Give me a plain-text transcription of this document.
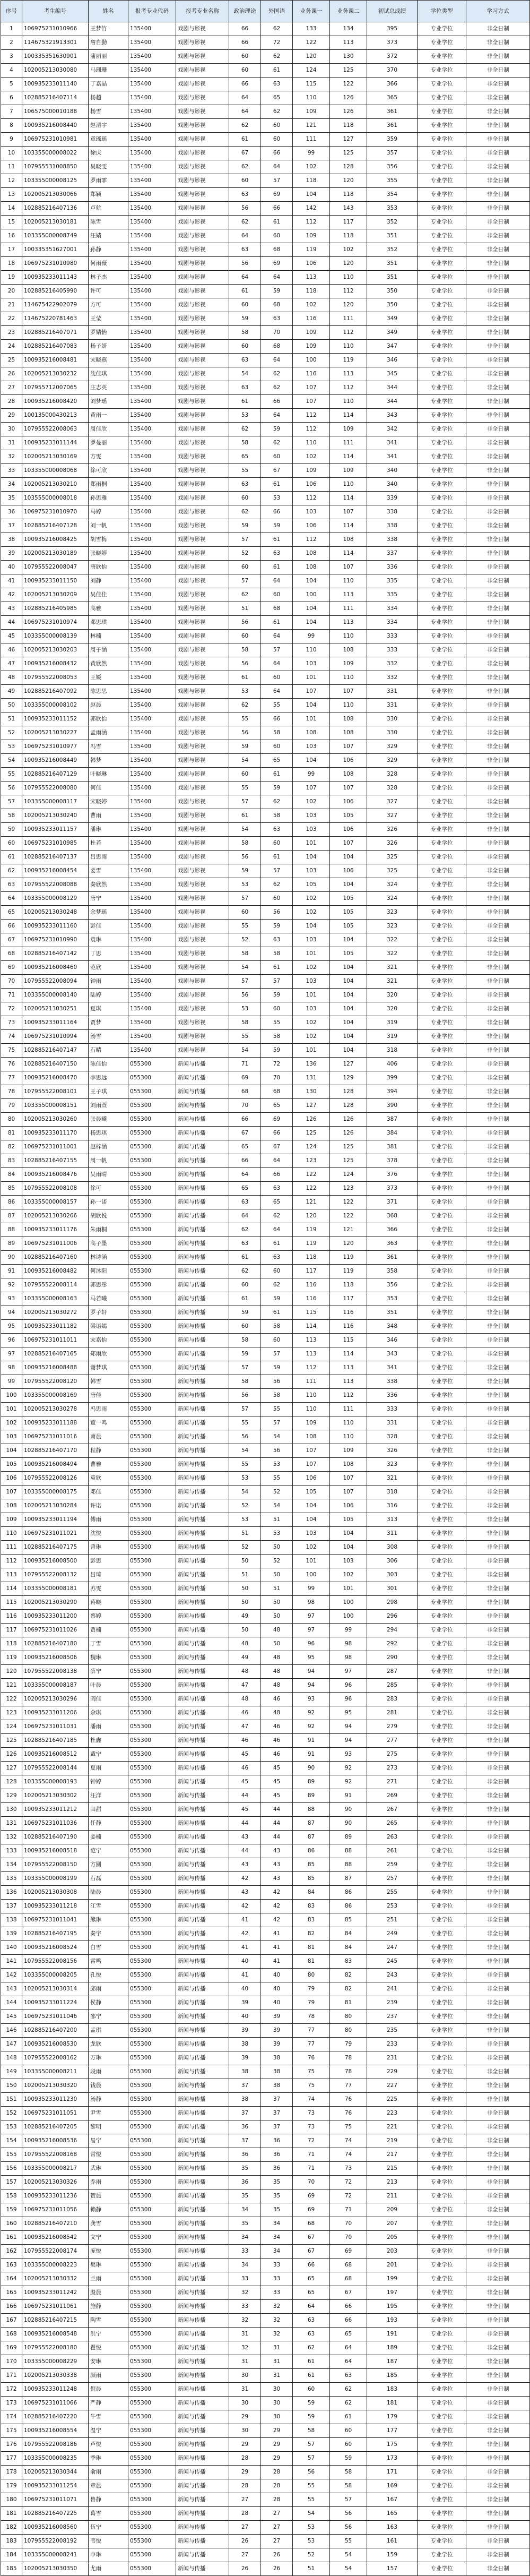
序号	考生编号	姓名	报考专业代码	报考专业名称	政治理论	外国语	业务课一	业务课二	初试总成绩	学位类型	学习方式
1	106975231010966	王梦竹	135400	戏剧与影视	66	62	133	134	395	专业学位	非全日制
2	114675321913301	詹自勤	135400	戏剧与影视	66	72	122	113	373	专业学位	非全日制
3	100335351630901	蒲丽丽	135400	戏剧与影视	60	62	120	130	372	专业学位	非全日制
4	102005213030080	马珊珊	135400	戏剧与影视	60	61	124	125	370	专业学位	非全日制
5	100935233011140	丁嘉晶	135400	戏剧与影视	66	63	115	122	366	专业学位	非全日制
6	102885216407114	杨超	135400	戏剧与影视	64	65	110	126	365	专业学位	非全日制
7	106575000010188	杨雪	135400	戏剧与影视	64	62	109	126	361	专业学位	非全日制
8	100935216008440	赵清宇	135400	戏剧与影视	62	60	121	118	361	专业学位	非全日制
9	106975231010981	章瑶瑶	135400	戏剧与影视	61	60	111	127	359	专业学位	非全日制
10	103355000008022	徐庆	135400	戏剧与影视	67	66	99	125	357	专业学位	非全日制
11	107955531008850	吴晓雯	135400	戏剧与影视	62	64	102	128	356	专业学位	非全日制
12	103355000008125	罗雨霏	135400	戏剧与影视	60	57	118	120	355	专业学位	非全日制
13	102005213030066	郑颖	135400	戏剧与影视	63	69	104	118	354	专业学位	非全日制
14	102885216407136	卢航	135400	戏剧与影视	56	66	142	143	353	专业学位	非全日制
15	102005213030181	陈雪	135400	戏剧与影视	62	61	112	117	352	专业学位	非全日制
16	103355000008749	汪婧	135400	戏剧与影视	64	60	109	118	351	专业学位	非全日制
17	100335351627001	孙静	135400	戏剧与影视	63	68	119	102	352	专业学位	非全日制
18	106975231010980	何雨薇	135400	戏剧与影视	56	69	106	120	351	专业学位	非全日制
19	100935233011143	林子杰	135400	戏剧与影视	64	64	113	110	351	专业学位	非全日制
20	102885216405990	许可	135400	戏剧与影视	61	59	118	112	350	专业学位	非全日制
21	114675422902079	方可	135400	戏剧与影视	60	68	102	120	350	专业学位	非全日制
22	114675220781463	王莹	135400	戏剧与影视	59	63	116	111	349	专业学位	非全日制
23	102885216407071	罗婧怡	135400	戏剧与影视	58	70	109	112	349	专业学位	非全日制
24	102885216407083	杨子妍	135400	戏剧与影视	60	68	109	110	347	专业学位	非全日制
25	100935216008481	宋晓燕	135400	戏剧与影视	63	64	100	119	346	专业学位	非全日制
26	102005213030232	沈佳琪	135400	戏剧与影视	54	62	116	113	345	专业学位	非全日制
27	107955712007065	庄志英	135400	戏剧与影视	63	62	107	112	344	专业学位	非全日制
28	100935216008420	刘梦瑶	135400	戏剧与影视	61	66	107	110	344	专业学位	非全日制
29	100135000430213	黄雨一	135400	戏剧与影视	53	64	112	114	343	专业学位	非全日制
30	107955522008063	周佳欣	135400	戏剧与影视	62	59	112	109	342	专业学位	非全日制
31	100935233011144	罗曼丽	135400	戏剧与影视	58	62	110	111	341	专业学位	非全日制
32	102005213030169	方雯	135400	戏剧与影视	65	60	102	114	341	专业学位	非全日制
33	103355000008068	徐可欣	135400	戏剧与影视	55	67	109	109	340	专业学位	非全日制
34	102005213030210	郑雨桐	135400	戏剧与影视	63	61	106	110	340	专业学位	非全日制
35	103555000008018	孙思雅	135400	戏剧与影视	60	53	112	114	339	专业学位	非全日制
36	106975231010970	马婷	135400	戏剧与影视	62	66	103	107	338	专业学位	非全日制
37	102885216407128	刘一帆	135400	戏剧与影视	59	59	106	114	338	专业学位	非全日制
38	100935216008425	胡雪梅	135400	戏剧与影视	57	61	112	108	338	专业学位	非全日制
39	102005213030189	张晓婷	135400	戏剧与影视	52	63	108	114	337	专业学位	非全日制
40	107955522008047	唐欣怡	135400	戏剧与影视	60	61	108	107	336	专业学位	非全日制
41	100935233011150	刘静	135400	戏剧与影视	57	64	104	110	335	专业学位	非全日制
42	102005213030209	吴佳佳	135400	戏剧与影视	62	60	100	113	335	专业学位	非全日制
43	102885216405985	高雅	135400	戏剧与影视	51	68	104	111	334	专业学位	非全日制
44	106975231010974	邓思琪	135400	戏剧与影视	56	61	104	113	334	专业学位	非全日制
45	103355000008139	林楠	135400	戏剧与影视	60	64	99	110	333	专业学位	非全日制
46	102005213030203	周子涵	135400	戏剧与影视	58	57	110	108	333	专业学位	非全日制
47	100935216008432	黄欣然	135400	戏剧与影视	56	64	103	109	332	专业学位	非全日制
48	107955522008053	王媛	135400	戏剧与影视	61	60	101	110	332	专业学位	非全日制
49	102885216407092	陈思思	135400	戏剧与影视	53	64	107	107	331	专业学位	非全日制
50	103355000008102	赵晨	135400	戏剧与影视	62	55	104	110	331	专业学位	非全日制
51	100935233011152	郭欣怡	135400	戏剧与影视	55	66	101	108	330	专业学位	非全日制
52	102005213030227	孟雨涵	135400	戏剧与影视	56	58	108	108	330	专业学位	非全日制
53	106975231010977	冯雪	135400	戏剧与影视	59	60	103	107	329	专业学位	非全日制
54	100935216008449	韩梦	135400	戏剧与影视	54	65	104	106	329	专业学位	非全日制
55	102885216407129	叶晓琳	135400	戏剧与影视	60	61	99	108	328	专业学位	非全日制
56	107955522008080	何佳	135400	戏剧与影视	55	59	107	107	328	专业学位	非全日制
57	103355000008117	宋晓婷	135400	戏剧与影视	57	62	102	106	327	专业学位	非全日制
58	102005213030240	曹雨	135400	戏剧与影视	61	58	103	105	327	专业学位	非全日制
59	100935233011157	潘琳	135400	戏剧与影视	54	63	103	106	326	专业学位	非全日制
60	106975231010985	杜若	135400	戏剧与影视	58	60	101	107	326	专业学位	非全日制
61	102885216407137	吕思雨	135400	戏剧与影视	56	61	104	104	325	专业学位	非全日制
62	100935216008454	姜雪	135400	戏剧与影视	59	57	103	106	325	专业学位	非全日制
63	107955522008088	秦欣然	135400	戏剧与影视	53	62	105	104	324	专业学位	非全日制
64	103355000008129	唐宁	135400	戏剧与影视	57	60	102	105	324	专业学位	非全日制
65	102005213030248	余梦瑶	135400	戏剧与影视	60	56	102	105	323	专业学位	非全日制
66	100935233011160	彭佳	135400	戏剧与影视	55	59	104	105	323	专业学位	非全日制
67	106975231010990	袁琳	135400	戏剧与影视	52	63	103	104	322	专业学位	非全日制
68	102885216407142	丁思	135400	戏剧与影视	58	58	101	105	322	专业学位	非全日制
69	100935216008460	范欣	135400	戏剧与影视	54	61	102	104	321	专业学位	非全日制
70	107955522008094	钟雨	135400	戏剧与影视	57	57	103	104	321	专业学位	非全日制
71	103355000008140	陆婷	135400	戏剧与影视	56	59	101	104	320	专业学位	非全日制
72	102005213030251	夏琪	135400	戏剧与影视	53	60	103	104	320	专业学位	非全日制
73	100935233011164	贾梦	135400	戏剧与影视	58	55	102	104	319	专业学位	非全日制
74	106975231010994	汤雪	135400	戏剧与影视	55	58	102	104	319	专业学位	非全日制
75	102885216407147	石晴	135400	戏剧与影视	54	59	101	104	318	专业学位	非全日制
76	102885216407150	陈佳怡	055300	新闻与传播	71	72	136	127	406	专业学位	非全日制
77	100935216008470	李思远	055300	新闻与传播	69	70	131	129	399	专业学位	非全日制
78	107955522008101	王子琪	055300	新闻与传播	68	68	130	128	394	专业学位	非全日制
79	103355000008151	刘雨萱	055300	新闻与传播	70	65	127	128	390	专业学位	非全日制
80	102005213030260	张晨曦	055300	新闻与传播	66	69	126	126	387	专业学位	非全日制
81	100935233011170	杨思琪	055300	新闻与传播	67	66	125	126	384	专业学位	非全日制
82	106975231011001	赵梓涵	055300	新闻与传播	65	67	124	125	381	专业学位	非全日制
83	102885216407155	周一帆	055300	新闻与传播	66	64	123	125	378	专业学位	非全日制
84	100935216008476	吴雨晴	055300	新闻与传播	64	66	122	124	376	专业学位	非全日制
85	107955522008108	徐可	055300	新闻与传播	65	63	122	123	373	专业学位	非全日制
86	103355000008157	孙一诺	055300	新闻与传播	63	65	121	122	371	专业学位	非全日制
87	102005213030266	胡欣悦	055300	新闻与传播	64	62	120	122	368	专业学位	非全日制
88	100935233011176	朱雨桐	055300	新闻与传播	62	64	119	121	366	专业学位	非全日制
89	106975231011006	高子墨	055300	新闻与传播	63	61	119	120	363	专业学位	非全日制
90	102885216407160	林诗涵	055300	新闻与传播	61	63	118	119	361	专业学位	非全日制
91	100935216008482	何沐阳	055300	新闻与传播	62	60	117	119	358	专业学位	非全日制
92	107955522008114	郭思彤	055300	新闻与传播	60	62	116	118	356	专业学位	非全日制
93	103355000008163	马若曦	055300	新闻与传播	61	59	116	117	353	专业学位	非全日制
94	102005213030272	罗子轩	055300	新闻与传播	59	61	115	116	351	专业学位	非全日制
95	100935233011182	梁语嫣	055300	新闻与传播	60	58	114	116	348	专业学位	非全日制
96	106975231011011	宋嘉怡	055300	新闻与传播	58	60	113	115	346	专业学位	非全日制
97	102885216407165	郑雨欣	055300	新闻与传播	59	57	113	114	343	专业学位	非全日制
98	100935216008488	谢梦琪	055300	新闻与传播	57	59	112	113	341	专业学位	非全日制
99	107955522008120	韩雪	055300	新闻与传播	58	56	111	113	338	专业学位	非全日制
100	103355000008169	唐佳	055300	新闻与传播	56	58	110	112	336	专业学位	非全日制
101	102005213030278	冯思雨	055300	新闻与传播	57	55	110	111	333	专业学位	非全日制
102	100935233011188	董一鸣	055300	新闻与传播	55	57	109	110	331	专业学位	非全日制
103	106975231011016	萧晨	055300	新闻与传播	56	54	108	110	328	专业学位	非全日制
104	102885216407170	程静	055300	新闻与传播	54	56	107	109	326	专业学位	非全日制
105	100935216008494	曹雅	055300	新闻与传播	55	53	107	108	323	专业学位	非全日制
106	107955522008126	袁欣	055300	新闻与传播	53	55	106	107	321	专业学位	非全日制
107	103355000008175	邓佳	055300	新闻与传播	54	52	105	107	318	专业学位	非全日制
108	102005213030284	许诺	055300	新闻与传播	52	54	104	106	316	专业学位	非全日制
109	100935233011194	傅雨	055300	新闻与传播	53	51	104	105	313	专业学位	非全日制
110	106975231011021	沈悦	055300	新闻与传播	51	53	103	104	311	专业学位	非全日制
111	102885216407175	曾琳	055300	新闻与传播	52	50	102	104	308	专业学位	非全日制
112	100935216008500	彭思	055300	新闻与传播	50	52	101	103	306	专业学位	非全日制
113	107955522008132	吕琦	055300	新闻与传播	51	50	100	102	303	专业学位	非全日制
114	103355000008181	苏雯	055300	新闻与传播	50	51	99	101	301	专业学位	非全日制
115	102005213030290	蒋晓	055300	新闻与传播	50	50	98	100	298	专业学位	非全日制
116	100935233011200	蔡婷	055300	新闻与传播	49	50	97	100	296	专业学位	非全日制
117	106975231011026	贾楠	055300	新闻与传播	50	48	97	99	294	专业学位	非全日制
118	102885216407180	丁雪	055300	新闻与传播	48	50	96	98	292	专业学位	非全日制
119	100935216008506	魏琳	055300	新闻与传播	49	48	95	98	290	专业学位	非全日制
120	107955522008138	薛宁	055300	新闻与传播	48	48	94	97	287	专业学位	非全日制
121	103355000008187	叶晨	055300	新闻与传播	47	48	94	96	285	专业学位	非全日制
122	102005213030296	阎佳	055300	新闻与传播	48	46	93	96	283	专业学位	非全日制
123	100935233011206	余琪	055300	新闻与传播	46	48	92	95	281	专业学位	非全日制
124	106975231011031	潘雨	055300	新闻与传播	47	46	92	94	279	专业学位	非全日制
125	102885216407185	杜鑫	055300	新闻与传播	46	46	91	94	277	专业学位	非全日制
126	100935216008512	戴宁	055300	新闻与传播	45	46	91	93	275	专业学位	非全日制
127	107955522008144	夏雨	055300	新闻与传播	46	45	90	92	273	专业学位	非全日制
128	103355000008193	钟婷	055300	新闻与传播	45	45	89	92	271	专业学位	非全日制
129	102005213030302	汪洋	055300	新闻与传播	44	45	89	91	269	专业学位	非全日制
130	100935233011212	田甜	055300	新闻与传播	45	44	88	90	267	专业学位	非全日制
131	106975231011036	任静	055300	新闻与传播	44	44	87	90	265	专业学位	非全日制
132	102885216407190	姜楠	055300	新闻与传播	43	44	87	89	263	专业学位	非全日制
133	100935216008518	范宁	055300	新闻与传播	44	43	86	88	261	专业学位	非全日制
134	107955522008150	方圆	055300	新闻与传播	43	43	85	88	259	专业学位	非全日制
135	103355000008199	石磊	055300	新闻与传播	42	43	85	87	257	专业学位	非全日制
136	102005213030308	陆晨	055300	新闻与传播	43	42	84	86	255	专业学位	非全日制
137	100935233011218	江雪	055300	新闻与传播	42	42	83	86	253	专业学位	非全日制
138	106975231011041	熊琳	055300	新闻与传播	41	42	83	85	251	专业学位	非全日制
139	102885216407195	秦宇	055300	新闻与传播	42	41	82	84	249	专业学位	非全日制
140	100935216008524	白雪	055300	新闻与传播	41	41	81	84	247	专业学位	非全日制
141	107955522008156	雷鸣	055300	新闻与传播	40	41	81	83	245	专业学位	非全日制
142	103355000008205	孔悦	055300	新闻与传播	41	40	80	82	243	专业学位	非全日制
143	102005213030314	邱雨	055300	新闻与传播	40	40	79	82	241	专业学位	非全日制
144	100935233011224	侯静	055300	新闻与传播	39	40	79	81	239	专业学位	非全日制
145	106975231011046	邵宁	055300	新闻与传播	40	39	78	80	237	专业学位	非全日制
146	102885216407200	孟琪	055300	新闻与传播	39	39	77	80	235	专业学位	非全日制
147	100935216008530	龙欣	055300	新闻与传播	38	39	77	79	233	专业学位	非全日制
148	107955522008162	万琳	055300	新闻与传播	39	38	76	78	231	专业学位	非全日制
149	103355000008211	段雨	055300	新闻与传播	38	38	75	78	229	专业学位	非全日制
150	102005213030320	钱晨	055300	新闻与传播	37	38	75	77	227	专业学位	非全日制
151	100935233011230	汤静	055300	新闻与传播	38	37	74	76	225	专业学位	非全日制
152	106975231011051	尹雪	055300	新闻与传播	37	37	73	76	223	专业学位	非全日制
153	102885216407205	黎明	055300	新闻与传播	36	37	73	75	221	专业学位	非全日制
154	100935216008536	易宁	055300	新闻与传播	37	36	72	74	219	专业学位	非全日制
155	107955522008168	常悦	055300	新闻与传播	36	36	71	74	217	专业学位	非全日制
156	103355000008217	武琳	055300	新闻与传播	35	36	71	73	215	专业学位	非全日制
157	102005213030326	乔雨	055300	新闻与传播	36	35	70	72	213	专业学位	非全日制
158	100935233011236	贺晨	055300	新闻与传播	35	35	69	72	211	专业学位	非全日制
159	106975231011056	赖静	055300	新闻与传播	34	35	69	71	209	专业学位	非全日制
160	102885216407210	龚雪	055300	新闻与传播	35	34	68	70	207	专业学位	非全日制
161	100935216008542	文宁	055300	新闻与传播	34	34	67	70	205	专业学位	非全日制
162	107955522008174	庞悦	055300	新闻与传播	33	34	67	69	203	专业学位	非全日制
163	103355000008223	樊琳	055300	新闻与传播	34	33	66	68	201	专业学位	非全日制
164	102005213030332	兰雨	055300	新闻与传播	33	33	65	68	199	专业学位	非全日制
165	100935233011242	殷晨	055300	新闻与传播	32	33	65	67	197	专业学位	非全日制
166	106975231011061	施静	055300	新闻与传播	33	32	64	66	195	专业学位	非全日制
167	102885216407215	陶雪	055300	新闻与传播	32	32	63	66	193	专业学位	非全日制
168	100935216008548	洪宁	055300	新闻与传播	31	32	63	65	191	专业学位	非全日制
169	107955522008180	翟悦	055300	新闻与传播	32	31	62	64	189	专业学位	非全日制
170	103355000008229	安琳	055300	新闻与传播	31	31	61	64	187	专业学位	非全日制
171	102005213030338	颜雨	055300	新闻与传播	30	31	61	63	185	专业学位	非全日制
172	100935233011248	倪晨	055300	新闻与传播	31	30	60	62	183	专业学位	非全日制
173	106975231011066	严静	055300	新闻与传播	30	30	59	62	181	专业学位	非全日制
174	102885216407220	牛雪	055300	新闻与传播	29	30	59	61	179	专业学位	非全日制
175	100935216008554	温宁	055300	新闻与传播	30	29	58	60	177	专业学位	非全日制
176	107955522008186	芦悦	055300	新闻与传播	29	29	57	60	175	专业学位	非全日制
177	103355000008235	季琳	055300	新闻与传播	28	29	57	59	173	专业学位	非全日制
178	102005213030344	俞雨	055300	新闻与传播	29	28	56	58	171	专业学位	非全日制
179	100935233011254	章晨	055300	新闻与传播	28	28	55	58	169	专业学位	非全日制
180	106975231011071	鲁静	055300	新闻与传播	27	28	55	57	167	专业学位	非全日制
181	102885216407225	葛雪	055300	新闻与传播	28	27	54	56	165	专业学位	非全日制
182	100935216008560	伍宁	055300	新闻与传播	27	27	53	56	163	专业学位	非全日制
183	107955522008192	韦悦	055300	新闻与传播	26	27	53	55	161	专业学位	非全日制
184	103355000008241	申琳	055300	新闻与传播	27	26	52	54	159	专业学位	非全日制
185	102005213030350	尤雨	055300	新闻与传播	26	26	51	54	157	专业学位	非全日制
